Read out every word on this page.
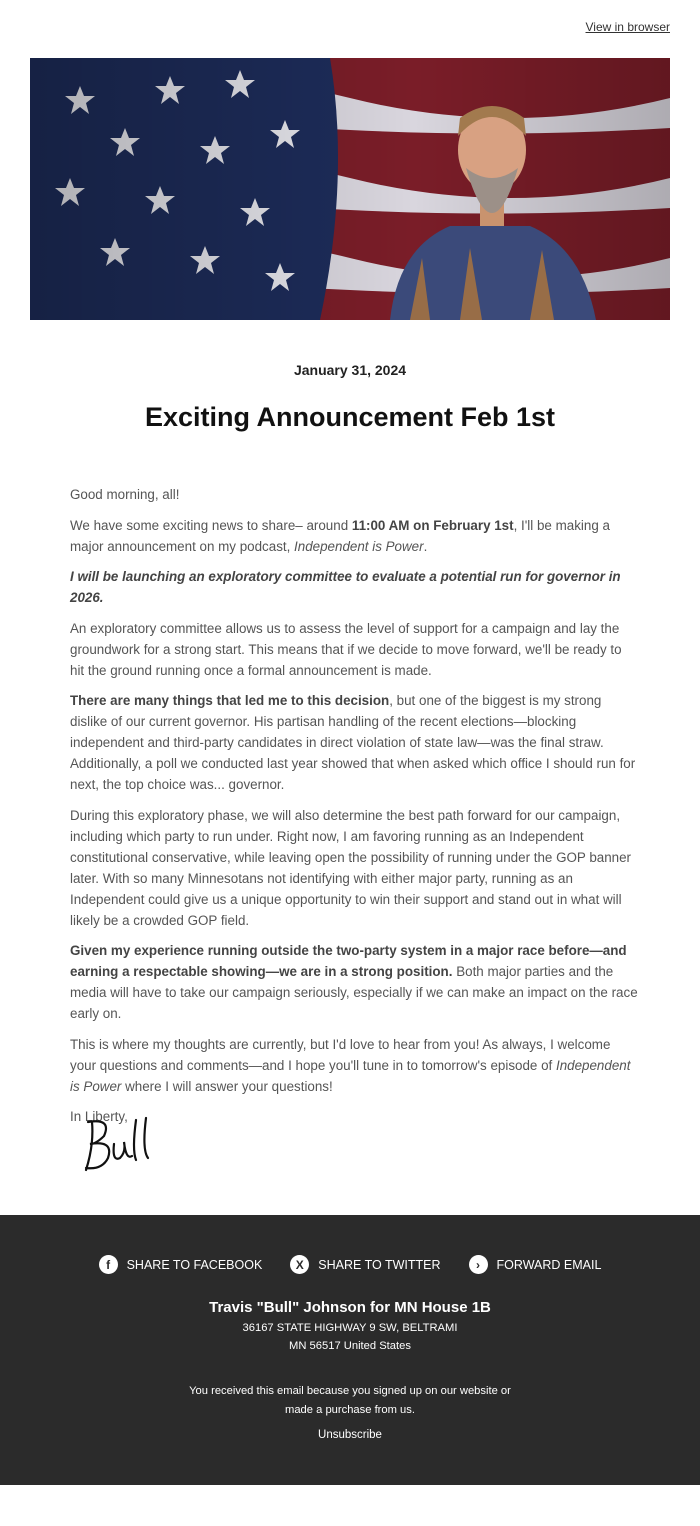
View in browser
January 31, 2024
Exciting Announcement Feb 1st

Good morning, all!

We have some exciting news to share– around 11:00 AM on February 1st, I'll be making a major announcement on my podcast, Independent is Power.

I will be launching an exploratory committee to evaluate a potential run for governor in 2026.

An exploratory committee allows us to assess the level of support for a campaign and lay the groundwork for a strong start. This means that if we decide to move forward, we'll be ready to hit the ground running once a formal announcement is made.

There are many things that led me to this decision, but one of the biggest is my strong dislike of our current governor. His partisan handling of the recent elections—blocking independent and third-party candidates in direct violation of state law—was the final straw. Additionally, a poll we conducted last year showed that when asked which office I should run for next, the top choice was... governor.

During this exploratory phase, we will also determine the best path forward for our campaign, including which party to run under. Right now, I am favoring running as an Independent constitutional conservative, while leaving open the possibility of running under the GOP banner later. With so many Minnesotans not identifying with either major party, running as an Independent could give us a unique opportunity to win their support and stand out in what will likely be a crowded GOP field.

Given my experience running outside the two-party system in a major race before—and earning a respectable showing—we are in a strong position. Both major parties and the media will have to take our campaign seriously, especially if we can make an impact on the race early on.

This is where my thoughts are currently, but I'd love to hear from you! As always, I welcome your questions and comments—and I hope you'll tune in to tomorrow's episode of Independent is Power where I will answer your questions!

In Liberty,

f	SHARE TO FACEBOOK	X	SHARE TO TWITTER	›	FORWARD EMAIL
Travis "Bull" Johnson for MN House 1B
36167 STATE HIGHWAY 9 SW, BELTRAMI
MN 56517 United States
You received this email because you signed up on our website or made a purchase from us.
Unsubscribe
